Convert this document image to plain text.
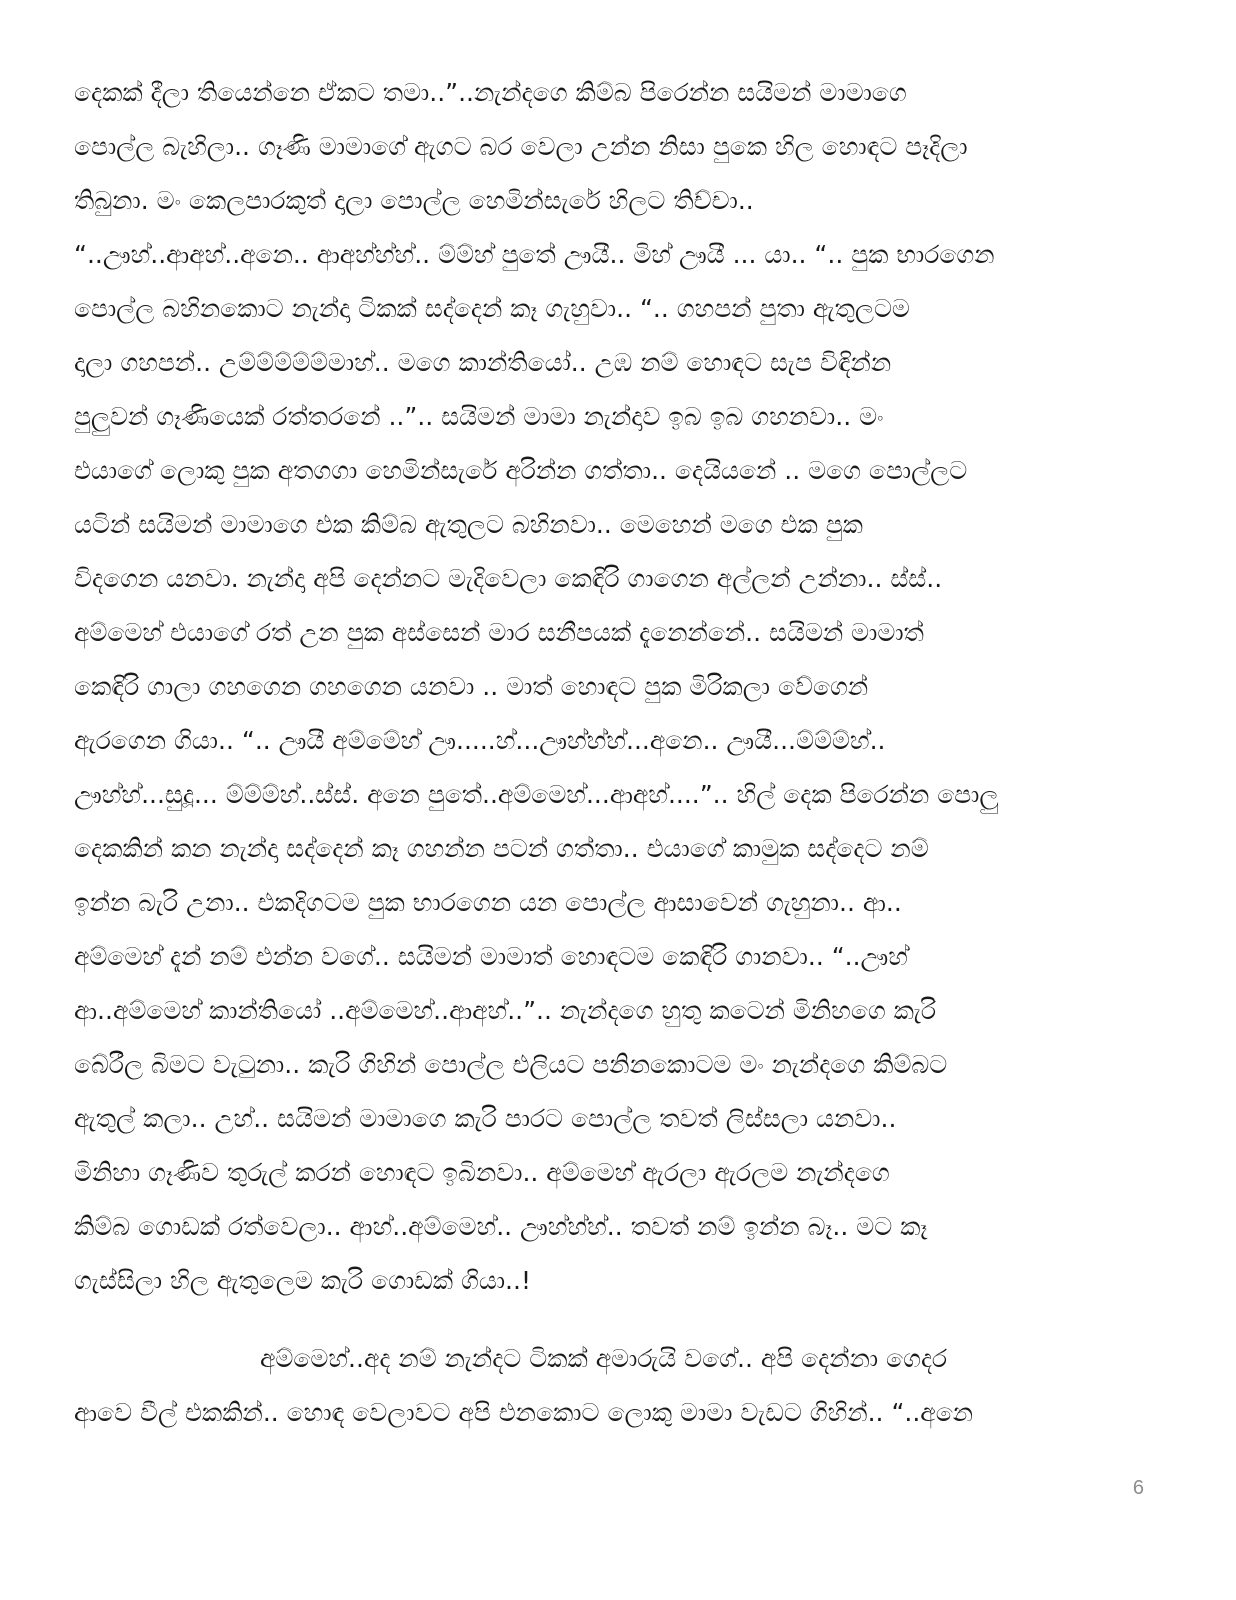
දෙකක් දීලා තියෙන්නෙ ඒකට තමා..”..නැන්දගෙ කිම්බ පිරෙන්න සයිමන් මාමාගෙ
පොල්ල බැහිලා.. ගෑණි මාමාගේ ඇගට බර වෙලා උන්න නිසා පුකෙ හිල හොඳට පෑදිලා
තිබුනා. මං කෙලපාරකුත් දාලා පොල්ල හෙමින්සැරේ හිලට තිච්චා..
“..ඌහ්..ආඅහ්..අනෙ.. ආඅහ්හ්හ්.. ම්ම්හ් පුතේ ඌයී.. මිහ් ඌයී ... යා.. “.. පුක භාරගෙන
පොල්ල බහිනකොට නැන්දා ටිකක් සද්දෙන් කෑ ගැහුවා.. “.. ගහපන් පුතා ඇතුලටම
දාලා ගහපන්.. උම්ම්ම්ම්ම්මාහ්.. මගෙ කාන්තියෝ.. උඹ නම් හොඳට සැප විඳින්න
පුලුවන් ගෑණියෙක් රත්තරනේ ..”.. සයිමන් මාමා නැන්දාව ඉබ ඉබ ගහනවා.. මං
එයාගේ ලොකු පුක අතගගා හෙමින්සැරේ අරින්න ගත්තා.. දෙයියනේ .. මගෙ පොල්ලට
යටින් සයිමන් මාමාගෙ එක කිම්බ ඇතුලට බහිනවා.. මෙහෙන් මගෙ එක පුක
විදගෙන යනවා. නැන්දා අපි දෙන්නට මැදිවෙලා කෙඳිරි ගාගෙන අල්ලන් උන්නා.. ස්ස්..
අම්මෙහ් එයාගේ රත් උන පුක අස්සෙන් මාර සනීපයක් දැනෙන්නේ.. සයිමන් මාමාත්
කෙඳිරි ගාලා ගහගෙන ගහගෙන යනවා .. මාත් හොඳට පුක මිරිකලා වේගෙන්
ඇරගෙන ගියා.. “.. ඌයී අම්මේහ් ඌ.....හ්...ඌහ්හ්හ්...අනෙ.. ඌයී...ම්ම්ම්හ්..
ඌහ්හ්...සුදූ... ම්ම්ම්හ්..ස්ස්. අනෙ පුතේ..අම්මෙහ්...ආඅහ්....”.. හිල් දෙක පිරෙන්න පොලු
දෙකකින් කන නැන්දා සද්දෙන් කෑ ගහන්න පටන් ගත්තා.. එයාගේ කාමුක සද්දෙට නම්
ඉන්න බැරි උනා.. එකදිගටම පුක භාරගෙන යන පොල්ල ආසාවෙන් ගැහුනා.. ආ..
අම්මෙහ් දැන් නම් එන්න වගේ.. සයිමන් මාමාත් හොඳටම කෙඳිරි ගානවා.. “..ඌහ්
ආ..අම්මෙහ් කාන්තියෝ ..අම්මෙහ්..ආඅහ්..”.. නැන්දගෙ හුතු කටෙන් මිනිහගෙ කැරි
බේරීල බිමට වැටුනා.. කැරි ගිහින් පොල්ල එලියට පනිනකොටම මං නැන්දගෙ කිම්බට
ඇතුල් කලා.. උහ්.. සයිමන් මාමාගෙ කැරි පාරට පොල්ල තවත් ලිස්සලා යනවා..
මිනිහා ගෑණිව තුරුල් කරන් හොඳට ඉබිනවා.. අම්මෙහ් ඇරලා ඇරලම නැන්දගෙ
කිම්බ ගොඩක් රත්වෙලා.. ආහ්..අම්මෙහ්.. ඌහ්හ්හ්.. තවත් නම් ඉන්න බෑ.. මට කෑ
ගැස්සිලා හිල ඇතුලෙම කැරි ගොඩක් ගියා..!
අම්මෙහ්..අද නම් නැන්දට ටිකක් අමාරුයි වගේ.. අපි දෙන්නා ගෙදර
ආවෙ වීල් එකකින්.. හොඳ වෙලාවට අපි එනකොට ලොකු මාමා වැඩට ගිහින්.. “..අනෙ
6
